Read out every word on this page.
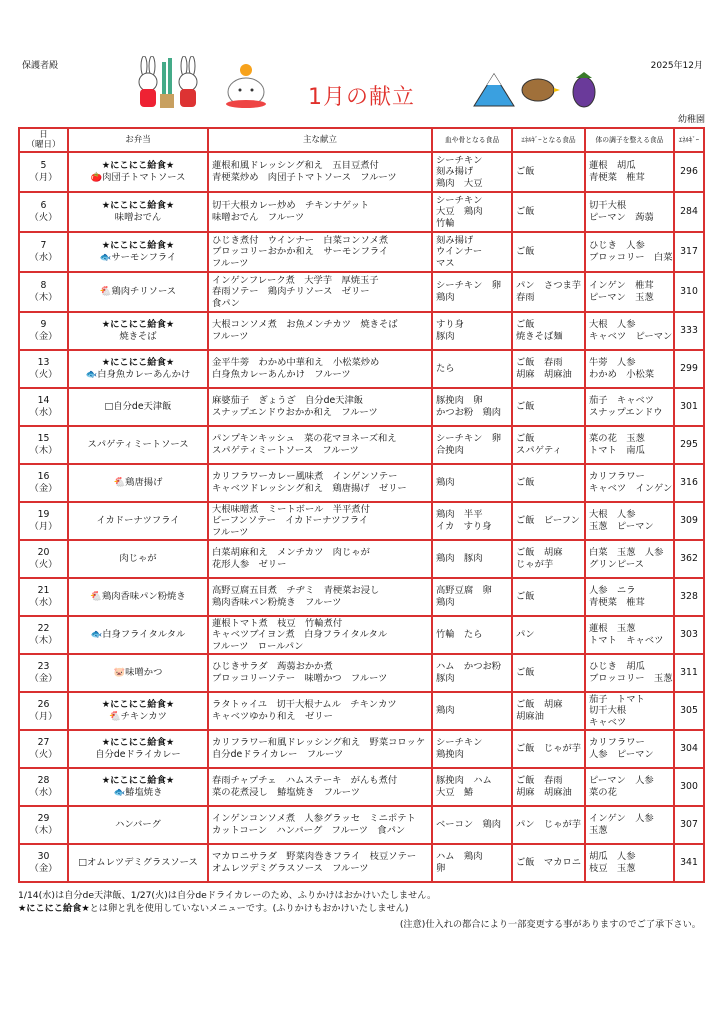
保護者殿	2025年12月
1月の献立
幼稚園
日
（曜日）	お弁当	主な献立	血や骨となる食品	ｴﾈﾙｷﾞｰとなる食品	体の調子を整える食品	ｴﾈﾙｷﾞｰ

5
（月）	★にこにこ給食★
🍅肉団子トマトソース	蓮根和風ドレッシング和え　五目豆煮付
青梗菜炒め　肉団子トマトソース　フルーツ	シーチキン
刻み揚げ
鶏肉　大豆	ご飯	蓮根　胡瓜
青梗菜　椎茸	296

6
（火）	★にこにこ給食★
味噌おでん	切干大根カレー炒め　チキンナゲット
味噌おでん　フルーツ	シーチキン
大豆　鶏肉
竹輪	ご飯	切干大根
ピーマン　蒟蒻	284

7
（水）	★にこにこ給食★
🐟サーモンフライ	ひじき煮付　ウインナー　白菜コンソメ煮
ブロッコリーおかか和え　サーモンフライ
フルーツ	刻み揚げ
ウインナー
マス	ご飯	ひじき　人参
ブロッコリー　白菜	317

8
（木）	🐔鶏肉チリソース	インゲンフレーク煮　大学芋　厚焼玉子
春雨ソテー　鶏肉チリソース　ゼリー
食パン	シーチキン　卵
鶏肉	パン　さつま芋
春雨	インゲン　椎茸
ピーマン　玉葱	310

9
（金）	★にこにこ給食★
焼きそば	大根コンソメ煮　お魚メンチカツ　焼きそば
フルーツ	すり身
豚肉	ご飯
焼きそば麺	大根　人参
キャベツ　ピーマン	333

13
（火）	★にこにこ給食★
🐟白身魚カレーあんかけ	金平牛蒡　わかめ中華和え　小松菜炒め
白身魚カレーあんかけ　フルーツ	たら	ご飯　春雨
胡麻　胡麻油	牛蒡　人参
わかめ　小松菜	299

14
（水）	□自分de天津飯	麻婆茄子　ぎょうざ　自分de天津飯
スナップエンドウおかか和え　フルーツ	豚挽肉　卵
かつお粉　鶏肉	ご飯	茄子　キャベツ
スナップエンドウ	301

15
（木）	スパゲティミートソース	パンプキンキッシュ　菜の花マヨネーズ和え
スパゲティミートソース　フルーツ	シーチキン　卵
合挽肉	ご飯
スパゲティ	菜の花　玉葱
トマト　南瓜	295

16
（金）	🐔鶏唐揚げ	カリフラワーカレー風味煮　インゲンソテー
キャベツドレッシング和え　鶏唐揚げ　ゼリー	鶏肉	ご飯	カリフラワー
キャベツ　インゲン	316

19
（月）	イカドーナツフライ	大根味噌煮　ミートボール　半平煮付
ビーフンソテー　イカドーナツフライ
フルーツ	鶏肉　半平
イカ　すり身	ご飯　ビーフン	大根　人参
玉葱　ピーマン	309

20
（火）	肉じゃが	白菜胡麻和え　メンチカツ　肉じゃが
花形人参　ゼリー	鶏肉　豚肉	ご飯　胡麻
じゃが芋	白菜　玉葱　人参
グリンピース	362

21
（水）	🐔鶏肉香味パン粉焼き	高野豆腐五目煮　チヂミ　青梗菜お浸し
鶏肉香味パン粉焼き　フルーツ	高野豆腐　卵
鶏肉	ご飯	人参　ニラ
青梗菜　椎茸	328

22
（木）	🐟白身フライタルタル	蓮根トマト煮　枝豆　竹輪煮付
キャベツブイヨン煮　白身フライタルタル
フルーツ　ロールパン	竹輪　たら	パン	蓮根　玉葱
トマト　キャベツ	303

23
（金）	🐷味噌かつ	ひじきサラダ　蒟蒻おかか煮
ブロッコリーソテー　味噌かつ　フルーツ	ハム　かつお粉
豚肉	ご飯	ひじき　胡瓜
ブロッコリー　玉葱	311

26
（月）	★にこにこ給食★
🐔チキンカツ	ラタトゥイユ　切干大根ナムル　チキンカツ
キャベツゆかり和え　ゼリー	鶏肉	ご飯　胡麻
胡麻油	茄子　トマト
切干大根
キャベツ	305

27
（火）	★にこにこ給食★
自分deドライカレー	カリフラワー和風ドレッシング和え　野菜コロッケ
自分deドライカレー　フルーツ	シーチキン
鶏挽肉	ご飯　じゃが芋	カリフラワー
人参　ピーマン	304

28
（水）	★にこにこ給食★
🐟鰆塩焼き	春雨チャプチェ　ハムステーキ　がんも煮付
菜の花煮浸し　鰆塩焼き　フルーツ	豚挽肉　ハム
大豆　鰆	ご飯　春雨
胡麻　胡麻油	ピーマン　人参
菜の花	300

29
（木）	ハンバーグ	インゲンコンソメ煮　人参グラッセ　ミニポテト
カットコーン　ハンバーグ　フルーツ　食パン	ベーコン　鶏肉	パン　じゃが芋	インゲン　人参
玉葱	307

30
（金）	□オムレツデミグラスソース	マカロニサラダ　野菜肉巻きフライ　枝豆ソテー
オムレツデミグラスソース　フルーツ	ハム　鶏肉
卵	ご飯　マカロニ	胡瓜　人参
枝豆　玉葱	341
1/14(水)は自分de天津飯、1/27(火)は自分deドライカレーのため、ふりかけはおかけいたしません。
★にこにこ給食★とは卵と乳を使用していないメニューです。(ふりかけもおかけいたしません)
(注意)仕入れの都合により一部変更する事がありますのでご了承下さい。
